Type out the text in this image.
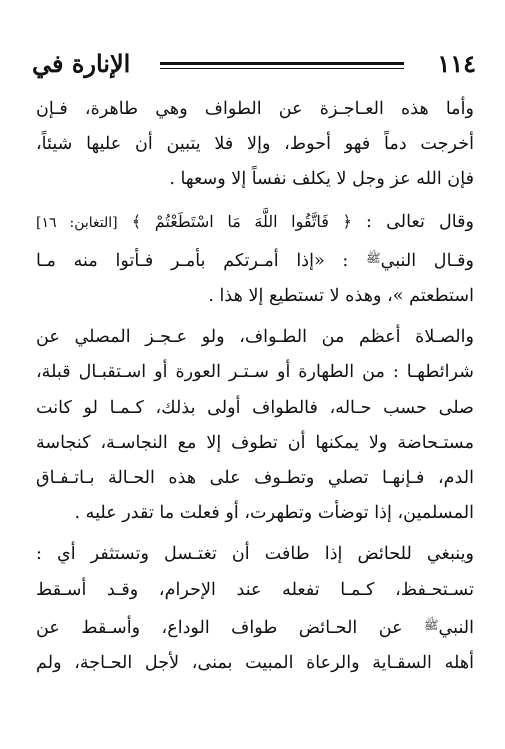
الإنارة في	١١٤
وأما هذه العـاجـزة عن الطواف وهي طاهرة، فـإن
أخرجت دماً فهو أحوط، وإلا فلا يتبين أن عليها شيئاً،
فإن الله عز وجل لا يكلف نفساً إلا وسعها .
وقال تعالى : ﴿ فَاتَّقُوا اللَّهَ مَا اسْتَطَعْتُمْ ﴾ [التغابن: ١٦]
وقـال النبي$^ﷺ$ : «إذا أمـرتكم بأمـر فـأتوا منه مـا
استطعتم »، وهذه لا تستطيع إلا هذا .
والصـلاة أعظم من الطـواف، ولو عـجـز المصلي عن
شرائطهـا : من الطهارة أو سـتـر العورة أو اسـتقبـال قبلة،
صلى حسب حـاله، فالطواف أولى بذلك، كـمـا لو كانت
مستـحاضة ولا يمكنها أن تطوف إلا مع النجاسـة، كنجاسة
الدم، فـإنهـا تصلي وتطـوف على هذه الحـالة بـاتـفـاق
المسلمين، إذا توضأت وتطهرت، أو فعلت ما تقدر عليه .
وينبغي للحائض إذا طافت أن تغتـسل وتستثفر أي :
تسـتحـفظ، كـمـا تفعله عند الإحرام، وقـد أسـقط
النبي$^ﷺ$ عن الحـائض طواف الوداع، وأسـقط عن
أهله السقـاية والرعاة المبيت بمنى، لأجل الحـاجة، ولم
